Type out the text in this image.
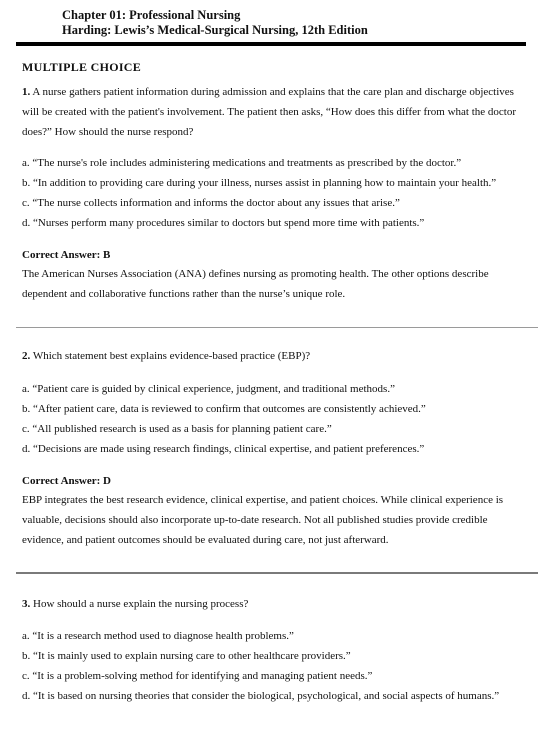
Chapter 01: Professional Nursing
Harding: Lewis’s Medical-Surgical Nursing, 12th Edition
MULTIPLE CHOICE
1. A nurse gathers patient information during admission and explains that the care plan and discharge objectives
will be created with the patient's involvement. The patient then asks, “How does this differ from what the doctor
does?” How should the nurse respond?
a. “The nurse's role includes administering medications and treatments as prescribed by the doctor.”
b. “In addition to providing care during your illness, nurses assist in planning how to maintain your health.”
c. “The nurse collects information and informs the doctor about any issues that arise.”
d. “Nurses perform many procedures similar to doctors but spend more time with patients.”
Correct Answer: B
The American Nurses Association (ANA) defines nursing as promoting health. The other options describe
dependent and collaborative functions rather than the nurse’s unique role.
2. Which statement best explains evidence-based practice (EBP)?
a. “Patient care is guided by clinical experience, judgment, and traditional methods.”
b. “After patient care, data is reviewed to confirm that outcomes are consistently achieved.”
c. “All published research is used as a basis for planning patient care.”
d. “Decisions are made using research findings, clinical expertise, and patient preferences.”
Correct Answer: D
EBP integrates the best research evidence, clinical expertise, and patient choices. While clinical experience is
valuable, decisions should also incorporate up-to-date research. Not all published studies provide credible
evidence, and patient outcomes should be evaluated during care, not just afterward.
3. How should a nurse explain the nursing process?
a. “It is a research method used to diagnose health problems.”
b. “It is mainly used to explain nursing care to other healthcare providers.”
c. “It is a problem-solving method for identifying and managing patient needs.”
d. “It is based on nursing theories that consider the biological, psychological, and social aspects of humans.”
